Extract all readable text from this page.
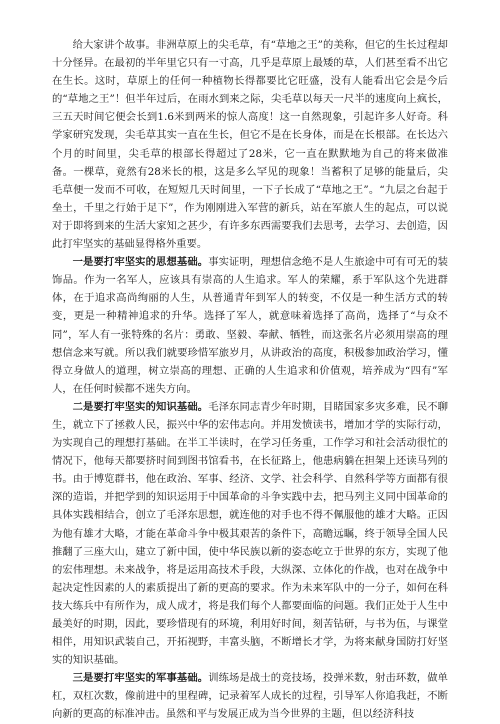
给大家讲个故事。非洲草原上的尖毛草，有“草地之王”的美称，但它的生长过程却十分怪异。在最初的半年里它只有一寸高，几乎是草原上最矮的草，人们甚至看不出它在生长。这时，草原上的任何一种植物长得都要比它旺盛，没有人能看出它会是今后的“草地之王”！但半年过后，在雨水到来之际，尖毛草以每天一尺半的速度向上疯长，三五天时间它便会长到1.6米到两米的惊人高度！这一自然现象，引起许多人好奇。科学家研究发现，尖毛草其实一直在生长，但它不是在长身体，而是在长根部。在长达六个月的时间里，尖毛草的根部长得超过了28米，它一直在默默地为自己的将来做准备。一棵草，竟然有28米长的根，这是多么罕见的现象！当蓄积了足够的能量后，尖毛草便一发而不可收，在短短几天时间里，一下子长成了“草地之王”。“九层之台起于垒土，千里之行始于足下”，作为刚刚进入军营的新兵，站在军旅人生的起点，可以说对于即将到来的生活大家知之甚少，有许多东西需要我们去思考，去学习、去创造，因此打牢坚实的基础显得格外重要。

一是要打牢坚实的思想基础。事实证明，理想信念绝不是人生旅途中可有可无的装饰品。作为一名军人，应该具有崇高的人生追求。军人的荣耀，系于军队这个先进群体，在于追求高尚绚丽的人生，从普通青年到军人的转变，不仅是一种生活方式的转变，更是一种精神追求的升华。选择了军人，就意味着选择了高尚，选择了“与众不同”，军人有一张特殊的名片：勇敢、坚毅、奉献、牺牲，而这张名片必须用崇高的理想信念来写就。所以我们就要珍惜军旅岁月，从讲政治的高度，积极参加政治学习，懂得立身做人的道理，树立崇高的理想、正确的人生追求和价值观，培养成为“四有”军人，在任何时候都不迷失方向。

二是要打牢坚实的知识基础。毛泽东同志青少年时期，目睹国家多灾多难，民不聊生，就立下了拯救人民，振兴中华的宏伟志向。并用发愤读书，增加才学的实际行动，为实现自己的理想打基础。在半工半读时，在学习任务重，工作学习和社会活动很忙的情况下，他每天都要挤时间到图书馆看书，在长征路上，他患病躺在担架上还读马列的书。由于博览群书，他在政治、军事、经济、文学、社会科学、自然科学等方面都有很深的造诣，并把学到的知识运用于中国革命的斗争实践中去，把马列主义同中国革命的具体实践相结合，创立了毛泽东思想，就连他的对手也不得不佩服他的雄才大略。正因为他有雄才大略，才能在革命斗争中极其艰苦的条件下，高瞻远瞩，终于领导全国人民推翻了三座大山，建立了新中国，使中华民族以新的姿态屹立于世界的东方，实现了他的宏伟理想。未来战争，将是运用高技术手段，大纵深、立体化的作战，也对在战争中起决定性因素的人的素质提出了新的更高的要求。作为未来军队中的一分子，如何在科技大练兵中有所作为，成人成才，将是我们每个人都要面临的问题。我们正处于人生中最美好的时期，因此，要珍惜现有的环境，利用好时间，刻苦钻研，与书为伍，与课堂相伴，用知识武装自己，开拓视野，丰富头脑，不断增长才学，为将来献身国防打好坚实的知识基础。

三是要打牢坚实的军事基础。训练场是战士的竞技场，投弹米数，射击环数，做单杠，双杠次数，像前进中的里程碑，记录着军人成长的过程，引导军人你追我赶，不断向新的更高的标准冲击。虽然和平与发展正成为当今世界的主题，但以经济科技
